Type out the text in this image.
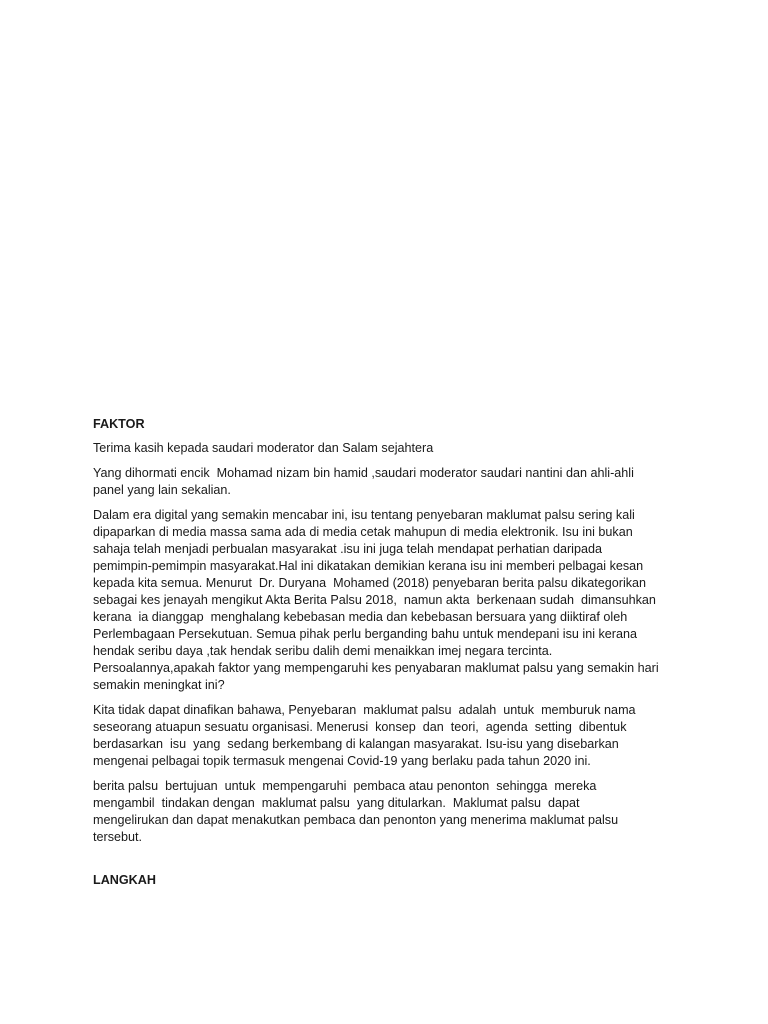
FAKTOR

Terima kasih kepada saudari moderator dan Salam sejahtera

Yang dihormati encik  Mohamad nizam bin hamid ,saudari moderator saudari nantini dan ahli-ahli
panel yang lain sekalian.

Dalam era digital yang semakin mencabar ini, isu tentang penyebaran maklumat palsu sering kali
dipaparkan di media massa sama ada di media cetak mahupun di media elektronik. Isu ini bukan
sahaja telah menjadi perbualan masyarakat .isu ini juga telah mendapat perhatian daripada
pemimpin-pemimpin masyarakat.Hal ini dikatakan demikian kerana isu ini memberi pelbagai kesan
kepada kita semua. Menurut  Dr. Duryana  Mohamed (2018) penyebaran berita palsu dikategorikan
sebagai kes jenayah mengikut Akta Berita Palsu 2018,  namun akta  berkenaan sudah  dimansuhkan
kerana  ia dianggap  menghalang kebebasan media dan kebebasan bersuara yang diiktiraf oleh
Perlembagaan Persekutuan. Semua pihak perlu berganding bahu untuk mendepani isu ini kerana
hendak seribu daya ,tak hendak seribu dalih demi menaikkan imej negara tercinta.
Persoalannya,apakah faktor yang mempengaruhi kes penyabaran maklumat palsu yang semakin hari
semakin meningkat ini?

Kita tidak dapat dinafikan bahawa, Penyebaran  maklumat palsu  adalah  untuk  memburuk nama
seseorang atuapun sesuatu organisasi. Menerusi  konsep  dan  teori,  agenda  setting  dibentuk
berdasarkan  isu  yang  sedang berkembang di kalangan masyarakat. Isu-isu yang disebarkan
mengenai pelbagai topik termasuk mengenai Covid-19 yang berlaku pada tahun 2020 ini.

berita palsu  bertujuan  untuk  mempengaruhi  pembaca atau penonton  sehingga  mereka
mengambil  tindakan dengan  maklumat palsu  yang ditularkan.  Maklumat palsu  dapat
mengelirukan dan dapat menakutkan pembaca dan penonton yang menerima maklumat palsu
tersebut.

LANGKAH
